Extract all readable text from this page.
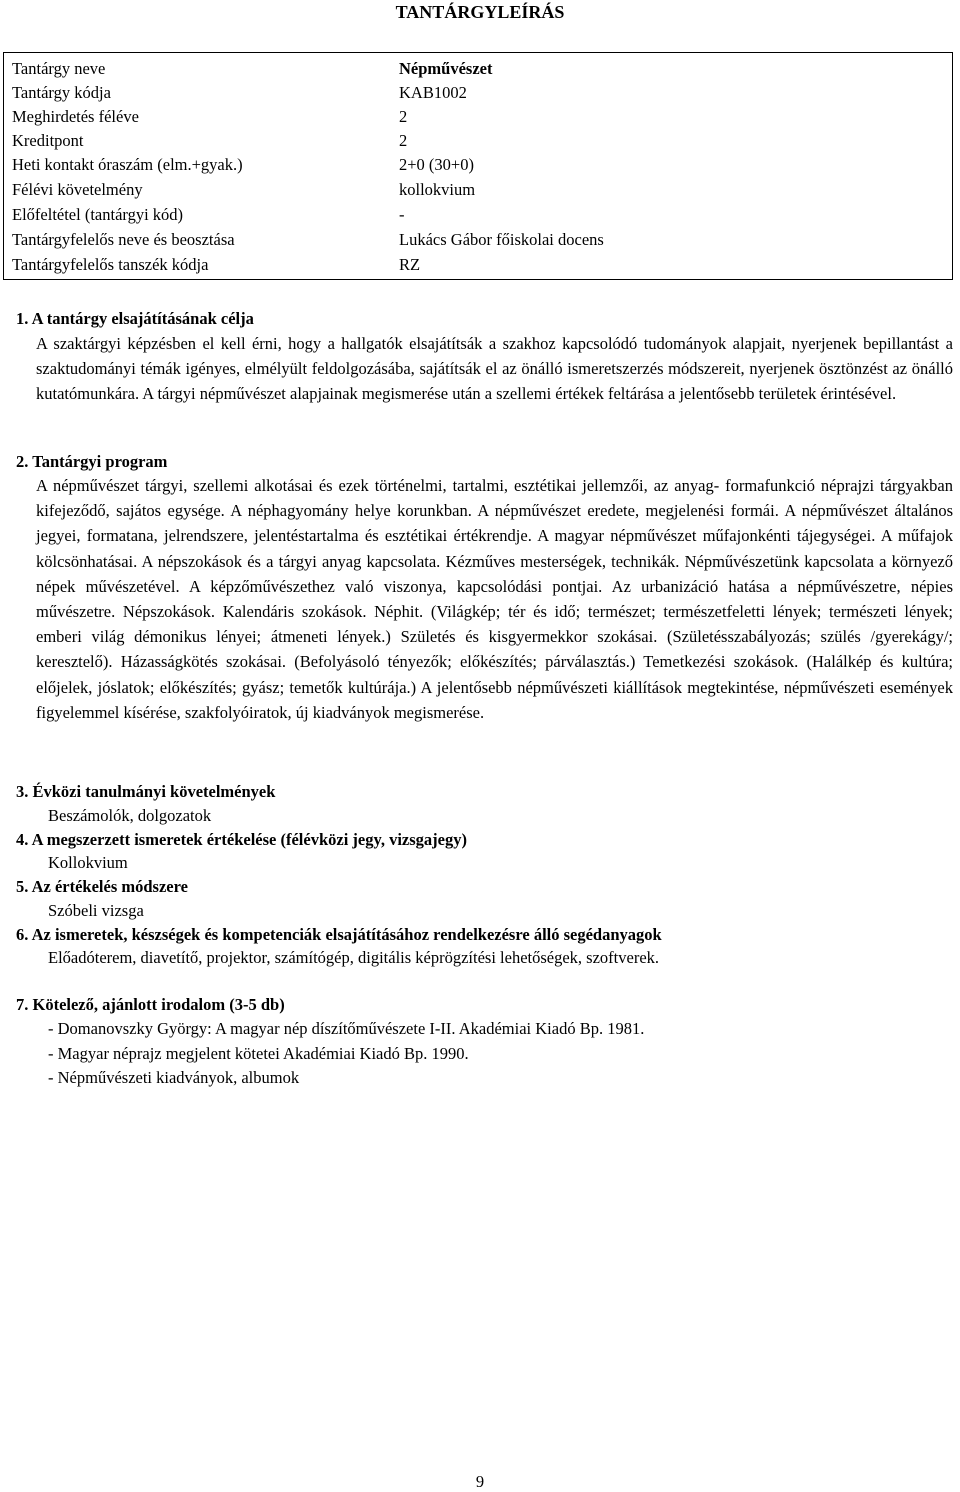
TANTÁRGYLEÍRÁS
Tantárgy neve	Népművészet
Tantárgy kódja	KAB1002
Meghirdetés féléve	2
Kreditpont	2
Heti kontakt óraszám (elm.+gyak.)	2+0 (30+0)
Félévi követelmény	kollokvium
Előfeltétel (tantárgyi kód)	-
Tantárgyfelelős neve és beosztása	Lukács Gábor főiskolai docens
Tantárgyfelelős tanszék kódja	RZ
1. A tantárgy elsajátításának célja

A szaktárgyi képzésben el kell érni, hogy a hallgatók elsajátítsák a szakhoz kapcsolódó tudományok alapjait, nyerjenek bepillantást a szaktudományi témák igényes, elmélyült feldolgozásába, sajátítsák el az önálló ismeretszerzés módszereit, nyerjenek ösztönzést az önálló kutatómunkára. A tárgyi népművészet alapjainak megismerése után a szellemi értékek feltárása a jelentősebb területek érintésével.

2. Tantárgyi program

A népművészet tárgyi, szellemi alkotásai és ezek történelmi, tartalmi, esztétikai jellemzői, az anyag- formafunkció néprajzi tárgyakban kifejeződő, sajátos egysége. A néphagyomány helye korunkban. A népművészet eredete, megjelenési formái. A népművészet általános jegyei, formatana, jelrendszere, jelentéstartalma és esztétikai értékrendje. A magyar népművészet műfajonkénti tájegységei. A műfajok kölcsönhatásai. A népszokások és a tárgyi anyag kapcsolata. Kézműves mesterségek, technikák. Népművészetünk kapcsolata a környező népek művészetével. A képzőművészethez való viszonya, kapcsolódási pontjai. Az urbanizáció hatása a népművészetre, népies művészetre. Népszokások. Kalendáris szokások. Néphit. (Világkép; tér és idő; természet; természetfeletti lények; természeti lények; emberi világ démonikus lényei; átmeneti lények.) Születés és kisgyermekkor szokásai. (Születésszabályozás; szülés /gyerekágy/; keresztelő). Házasságkötés szokásai. (Befolyásoló tényezők; előkészítés; párválasztás.) Temetkezési szokások. (Halálkép és kultúra; előjelek, jóslatok; előkészítés; gyász; temetők kultúrája.) A jelentősebb népművészeti kiállítások megtekintése, népművészeti események figyelemmel kísérése, szakfolyóiratok, új kiadványok megismerése.

3. Évközi tanulmányi követelmények
Beszámolók, dolgozatok
4. A megszerzett ismeretek értékelése (félévközi jegy, vizsgajegy)
Kollokvium
5. Az értékelés módszere
Szóbeli vizsga
6. Az ismeretek, készségek és kompetenciák elsajátításához rendelkezésre álló segédanyagok
Előadóterem, diavetítő, projektor, számítógép, digitális képrögzítési lehetőségek, szoftverek.
7. Kötelező, ajánlott irodalom (3-5 db)
- Domanovszky György: A magyar nép díszítőművészete I-II. Akadémiai Kiadó Bp. 1981.
- Magyar néprajz megjelent kötetei Akadémiai Kiadó Bp. 1990.
- Népművészeti kiadványok, albumok
9
